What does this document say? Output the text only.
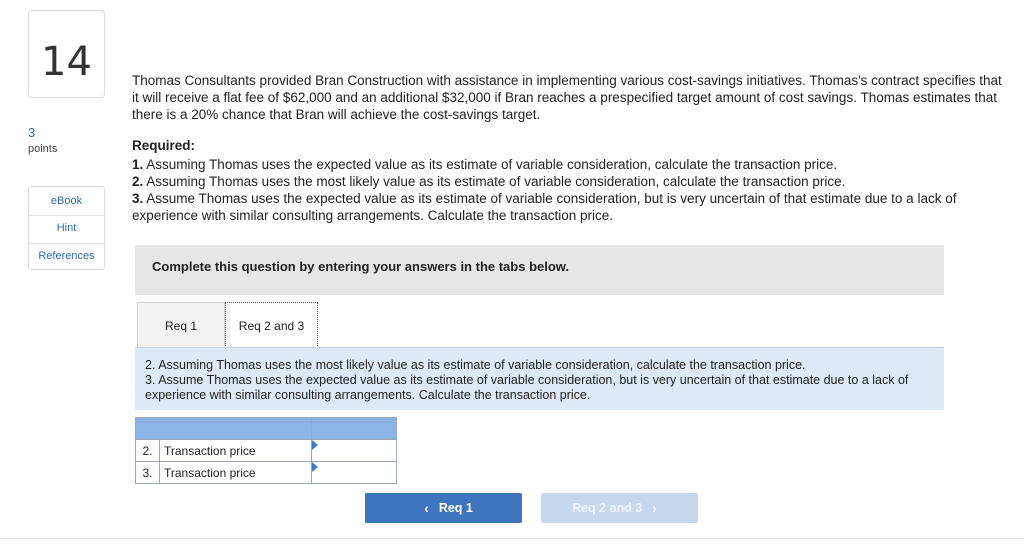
14
3
points
eBook
Hint
References
Thomas Consultants provided Bran Construction with assistance in implementing various cost-savings initiatives. Thomas's contract specifies that it will receive a flat fee of $62,000 and an additional $32,000 if Bran reaches a prespecified target amount of cost savings. Thomas estimates that there is a 20% chance that Bran will achieve the cost-savings target.
Required:
1. Assuming Thomas uses the expected value as its estimate of variable consideration, calculate the transaction price.
2. Assuming Thomas uses the most likely value as its estimate of variable consideration, calculate the transaction price.
3. Assume Thomas uses the expected value as its estimate of variable consideration, but is very uncertain of that estimate due to a lack of experience with similar consulting arrangements. Calculate the transaction price.
Complete this question by entering your answers in the tabs below.
Req 1	Req 2 and 3
2. Assuming Thomas uses the most likely value as its estimate of variable consideration, calculate the transaction price.
3. Assume Thomas uses the expected value as its estimate of variable consideration, but is very uncertain of that estimate due to a lack of experience with similar consulting arrangements. Calculate the transaction price.

2.	Transaction price	

3.	Transaction price	
‹ Req 1	Req 2 and 3 ›
